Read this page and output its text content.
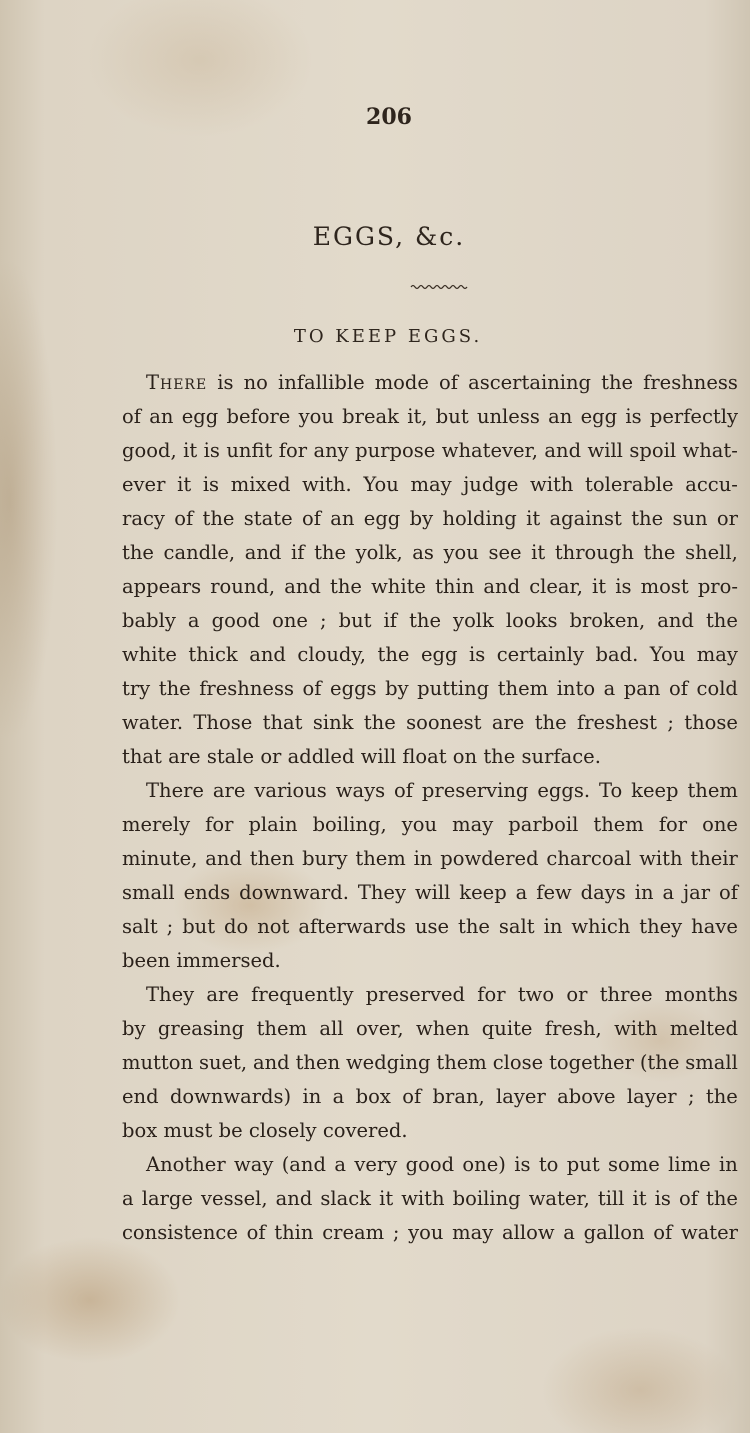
206
EGGS, &c.
TO KEEP EGGS.
There is no infallible mode of ascertaining the freshness
of an egg before you break it, but unless an egg is perfectly
good, it is unfit for any purpose whatever, and will spoil what-
ever it is mixed with. You may judge with tolerable accu-
racy of the state of an egg by holding it against the sun or
the candle, and if the yolk, as you see it through the shell,
appears round, and the white thin and clear, it is most pro-
bably a good one ; but if the yolk looks broken, and the
white thick and cloudy, the egg is certainly bad. You may
try the freshness of eggs by putting them into a pan of cold
water. Those that sink the soonest are the freshest ; those
that are stale or addled will float on the surface.
There are various ways of preserving eggs. To keep them
merely for plain boiling, you may parboil them for one
minute, and then bury them in powdered charcoal with their
small ends downward. They will keep a few days in a jar of
salt ; but do not afterwards use the salt in which they have
been immersed.
They are frequently preserved for two or three months
by greasing them all over, when quite fresh, with melted
mutton suet, and then wedging them close together (the small
end downwards) in a box of bran, layer above layer ; the
box must be closely covered.
Another way (and a very good one) is to put some lime in
a large vessel, and slack it with boiling water, till it is of the
consistence of thin cream ; you may allow a gallon of water
